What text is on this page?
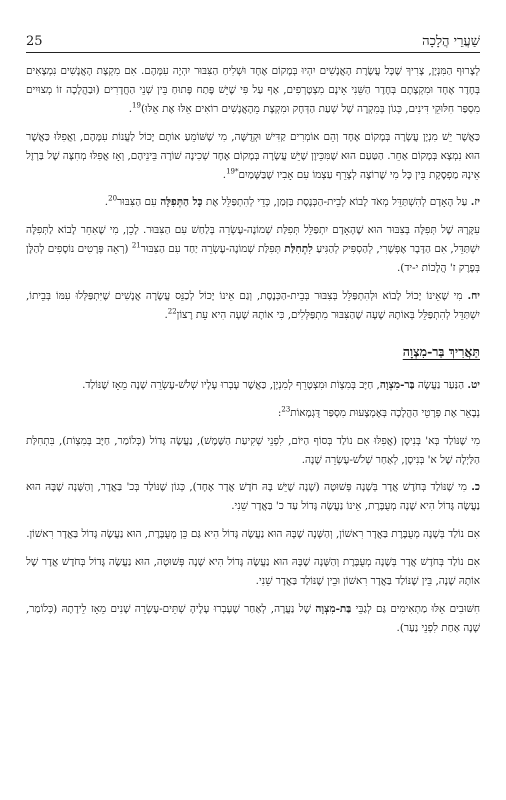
25	שַׁעֲרֵי הֲלָכָה

לְצָרוּף הַמִּנְיָן, צָרִיךְ שֶׁכָּל עֲשֶׂרֶת הָאֲנָשִׁים יִהְיוּ בְּמָקוֹם אֶחָד וּשְׁלִיחַ הַצִּבּוּר יִהְיֶה עִמָּהֶם. אִם מִקְצָת הָאֲנָשִׁים נִמְצָאִים בְּחֶדֶר אֶחָד וּמִקְצָתָם בְּחֶדֶר הַשֵּׁנִי אֵינָם מִצְטָרְפִים, אַף עַל פִּי שֶׁיֵּשׁ פֶּתַח פָּתוּחַ בֵּין שְׁנֵי הַחֲדָרִים (וּבַהֲלָכָה זוֹ מְצוּיִים מִסְפַּר חִלּוּקֵי דִּינִים, כְּגוֹן בְּמִקְרֶה שֶׁל שְׁעַת הַדְּחָק וּמִקְצָת מֵהָאֲנָשִׁים רוֹאִים אֵלּוּ אֶת אֵלּוּ)$^{19}$.

כַּאֲשֶׁר יֵשׁ מִנְיָן עֲשָׂרָה בְּמָקוֹם אֶחָד וְהֵם אוֹמְרִים קַדִּישׁ וּקְדֻשָּׁה, מִי שֶׁשּׁוֹמֵעַ אוֹתָם יָכוֹל לַעֲנוֹת עִמָּהֶם, וַאֲפִלּוּ כַּאֲשֶׁר הוּא נִמְצָא בְּמָקוֹם אַחֵר. הַטַּעַם הוּא שֶׁמִּכֵּיוָן שֶׁיֵּשׁ עֲשָׂרָה בְּמָקוֹם אֶחָד שְׁכִינָה שׁוֹרָה בֵּינֵיהֶם, וְאָז אֲפִלּוּ מְחִצָּה שֶׁל בַּרְזֶל אֵינָהּ מַפְסֶקֶת בֵּין כָּל מִי שֶׁרוֹצֶה לְצָרֵף עַצְמוֹ עִם אָבִיו שֶׁבַּשָּׁמַיִם$^{*19}$.

יז. עַל הָאָדָם לְהִשְׁתַּדֵּל מְאֹד לָבוֹא לְבֵית-הַכְּנֶסֶת בַּזְּמַן, כְּדֵי לְהִתְפַּלֵּל אֶת כָּל הַתְּפִלָּה עִם הַצִּבּוּר$^{20}$.

עִקָּרָהּ שֶׁל תְּפִלָּה בְּצִבּוּר הוּא שֶׁהָאָדָם יִתְפַּלֵּל תְּפִלַּת שְׁמוֹנֶה-עֶשְׂרֵה בְּלַחַשׁ עִם הַצִּבּוּר. לָכֵן, מִי שֶׁאִחֵר לָבוֹא לַתְּפִלָּה יִשְׁתַּדֵּל, אִם הַדָּבָר אֶפְשָׁרִי, לְהַסְפִּיק לְהַגִּיעַ לִתְחִלַּת תְּפִלַּת שְׁמוֹנֶה-עֶשְׂרֵה יַחַד עִם הַצִּבּוּר$^{21}$ (רְאֵה פְּרָטִים נוֹסָפִים לְהַלָּן בְּפֶרֶק ז' הֲלָכוֹת י-יד).

יח. מִי שֶׁאֵינוֹ יָכוֹל לָבוֹא וּלְהִתְפַּלֵּל בְּצִבּוּר בְּבֵית-הַכְּנֶסֶת, וְגַם אֵינוֹ יָכוֹל לְכַנֵּס עֲשָׂרָה אֲנָשִׁים שֶׁיִּתְפַּלְּלוּ עִמּוֹ בְּבֵיתוֹ, יִשְׁתַּדֵּל לְהִתְפַּלֵּל בְּאוֹתָהּ שָׁעָה שֶׁהַצִּבּוּר מִתְפַּלְּלִים, כִּי אוֹתָהּ שָׁעָה הִיא עֵת רָצוֹן$^{22}$.

תַּאֲרִיךְ בַּר-מִצְוָה

יט. הַנַּעַר נַעֲשֶׂה בַּר-מִצְוָה, חַיָּב בְּמִצְוֹת וּמִצְטָרֵף לְמִנְיָן, כַּאֲשֶׁר עָבְרוּ עָלָיו שְׁלֹשׁ-עֶשְׂרֵה שָׁנָה מֵאָז שֶׁנּוֹלַד.

נְבָאֵר אֶת פְּרָטֵי הַהֲלָכָה בְּאֶמְצָעוּת מִסְפַּר דֻּגְמָאוֹת$^{23}$:

מִי שֶׁנּוֹלַד בְּא' בְּנִיסָן (אֲפִלּוּ אִם נוֹלַד בְּסוֹף הַיּוֹם, לִפְנֵי שְׁקִיעַת הַשֶּׁמֶשׁ), נַעֲשֶׂה גָּדוֹל (כְּלוֹמַר, חַיָּב בְּמִצְוֹת), בִּתְחִלַּת הַלַּיְלָה שֶׁל א' בְּנִיסָן, לְאַחַר שְׁלֹשׁ-עֶשְׂרֵה שָׁנָה.

כ. מִי שֶׁנּוֹלַד בְּחֹדֶשׁ אֲדָר בְּשָׁנָה פְּשׁוּטָה (שָׁנָה שֶׁיֵּשׁ בָּהּ חֹדֶשׁ אֲדָר אֶחָד), כְּגוֹן שֶׁנּוֹלַד בְּכ' בַּאֲדָר, וְהַשָּׁנָה שֶׁבָּהּ הוּא נַעֲשֶׂה גָּדוֹל הִיא שָׁנָה מְעֻבֶּרֶת, אֵינוֹ נַעֲשֶׂה גָּדוֹל עַד כ' בַּאֲדָר שֵׁנִי.

אִם נוֹלַד בְּשָׁנָה מְעֻבֶּרֶת בַּאֲדָר רִאשׁוֹן, וְהַשָּׁנָה שֶׁבָּהּ הוּא נַעֲשֶׂה גָּדוֹל הִיא גַּם כֵּן מְעֻבֶּרֶת, הוּא נַעֲשֶׂה גָּדוֹל בַּאֲדָר רִאשׁוֹן.

אִם נוֹלַד בְּחֹדֶשׁ אֲדָר בְּשָׁנָה מְעֻבֶּרֶת וְהַשָּׁנָה שֶׁבָּהּ הוּא נַעֲשֶׂה גָּדוֹל הִיא שָׁנָה פְּשׁוּטָה, הוּא נַעֲשֶׂה גָּדוֹל בְּחֹדֶשׁ אֲדָר שֶׁל אוֹתָהּ שָׁנָה, בֵּין שֶׁנּוֹלַד בַּאֲדָר רִאשׁוֹן וּבֵין שֶׁנּוֹלַד בַּאֲדָר שֵׁנִי.

חִשּׁוּבִים אֵלּוּ מַתְאִימִים גַּם לְגַבֵּי בַּת-מִצְוָה שֶׁל נַעֲרָה, לְאַחַר שֶׁעָבְרוּ עָלֶיהָ שְׁתֵּים-עֶשְׂרֵה שָׁנִים מֵאָז לֵידָתָהּ (כְּלוֹמַר, שָׁנָה אַחַת לִפְנֵי נַעַר).
